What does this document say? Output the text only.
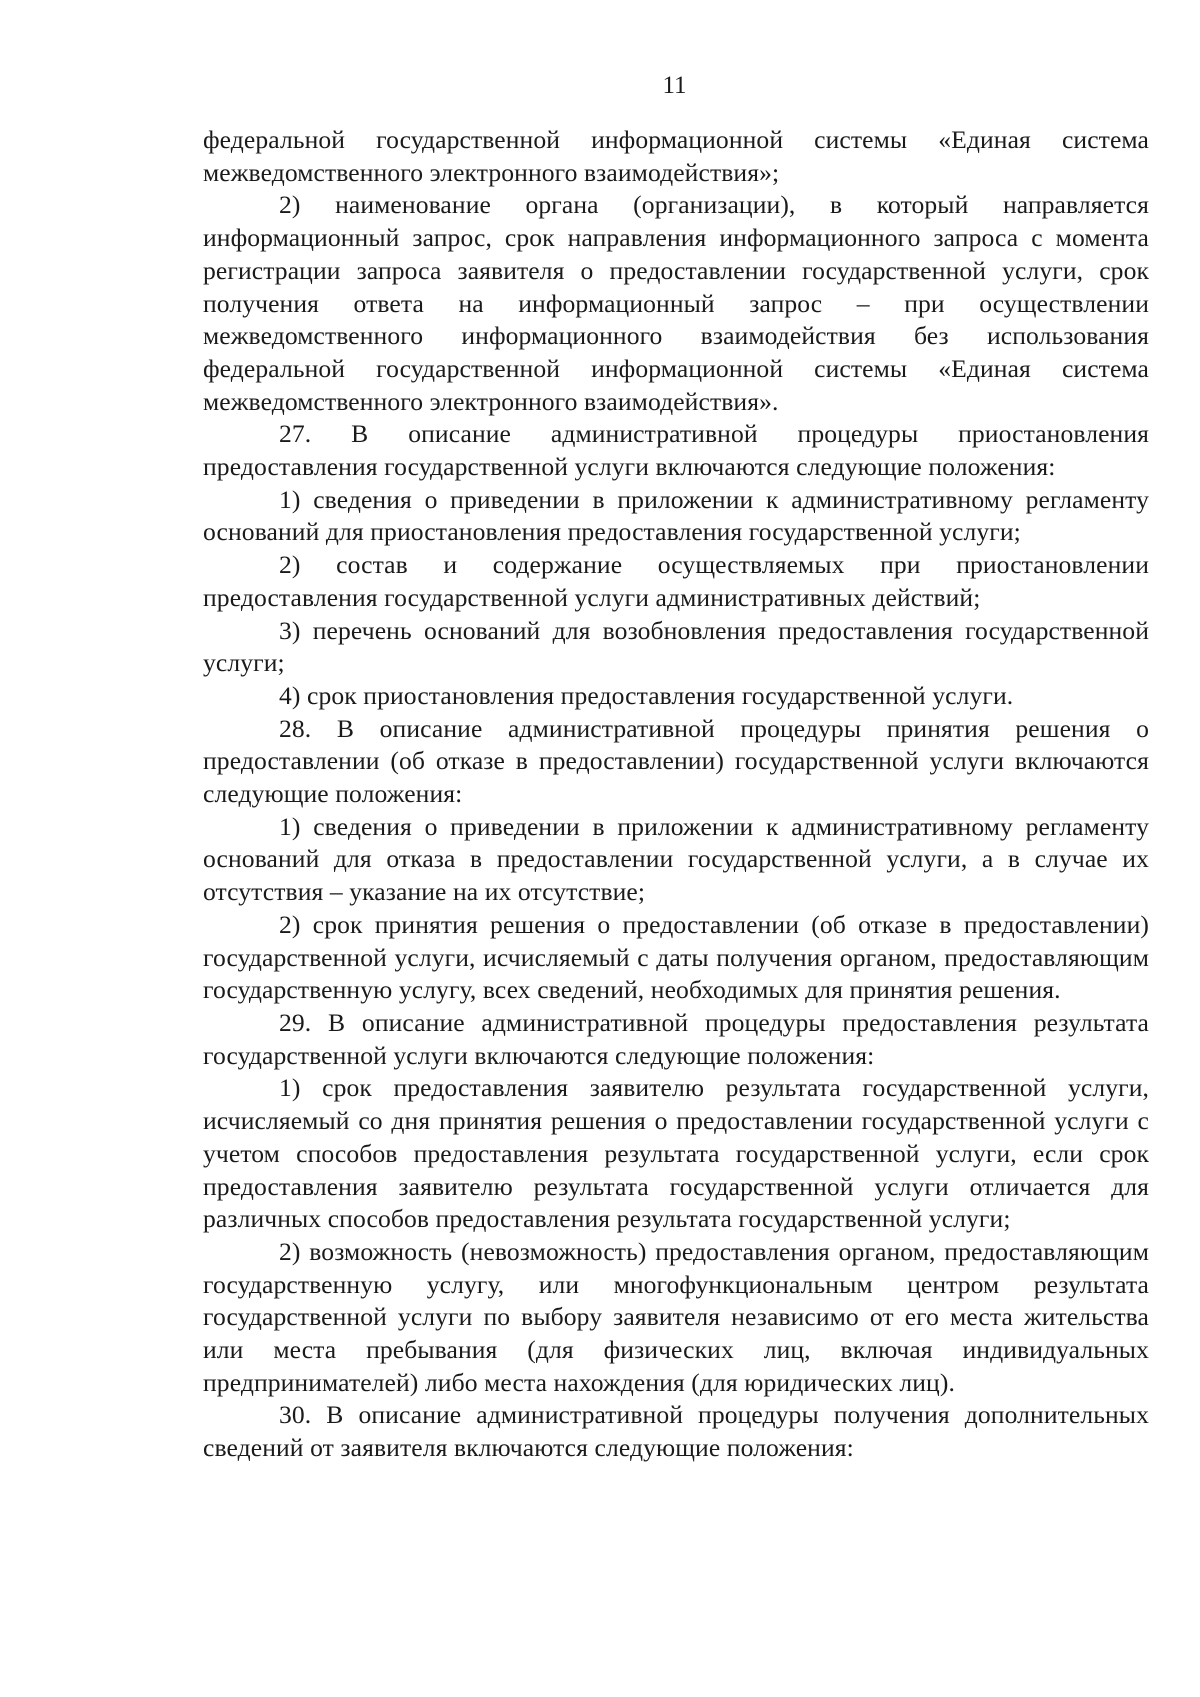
11

федеральной государственной информационной системы «Единая система межведомственного электронного взаимодействия»;

2) наименование органа (организации), в который направляется информационный запрос, срок направления информационного запроса с момента регистрации запроса заявителя о предоставлении государственной услуги, срок получения ответа на информационный запрос – при осуществлении межведомственного информационного взаимодействия без использования федеральной государственной информационной системы «Единая система межведомственного электронного взаимодействия».

27. В описание административной процедуры приостановления предоставления государственной услуги включаются следующие положения:

1) сведения о приведении в приложении к административному регламенту оснований для приостановления предоставления государственной услуги;

2) состав и содержание осуществляемых при приостановлении предоставления государственной услуги административных действий;

3) перечень оснований для возобновления предоставления государственной услуги;

4) срок приостановления предоставления государственной услуги.

28. В описание административной процедуры принятия решения о предоставлении (об отказе в предоставлении) государственной услуги включаются следующие положения:

1) сведения о приведении в приложении к административному регламенту оснований для отказа в предоставлении государственной услуги, а в случае их отсутствия – указание на их отсутствие;

2) срок принятия решения о предоставлении (об отказе в предоставлении) государственной услуги, исчисляемый с даты получения органом, предоставляющим государственную услугу, всех сведений, необходимых для принятия решения.

29. В описание административной процедуры предоставления результата государственной услуги включаются следующие положения:

1) срок предоставления заявителю результата государственной услуги, исчисляемый со дня принятия решения о предоставлении государственной услуги с учетом способов предоставления результата государственной услуги, если срок предоставления заявителю результата государственной услуги отличается для различных способов предоставления результата государственной услуги;

2) возможность (невозможность) предоставления органом, предоставляющим государственную услугу, или многофункциональным центром результата государственной услуги по выбору заявителя независимо от его места жительства или места пребывания (для физических лиц, включая индивидуальных предпринимателей) либо места нахождения (для юридических лиц).

30. В описание административной процедуры получения дополнительных сведений от заявителя включаются следующие положения:
